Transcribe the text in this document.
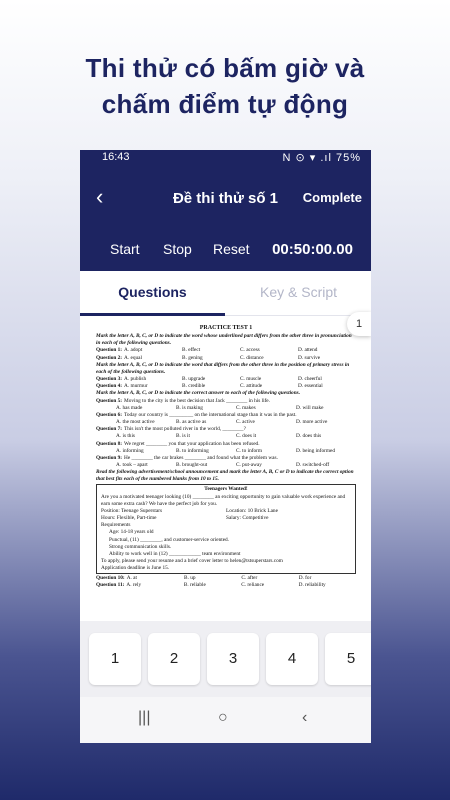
Thi thử có bấm giờ và
chấm điểm tự động
16:43	N ⊙ ▾ .ıl 75%
‹	Đề thi thử số 1	Complete
Start Stop Reset 00:50:00.00
Questions	Key & Script
1
PRACTICE TEST 1
Mark the letter A, B, C, or D to indicate the word whose underlined part differs from the other three in pronunciation in each of the following questions.
Question 1: A. adopt	B. effect	C. access	D. attend
Question 2: A. equal	B. gening	C. distance	D. survive
Mark the letter A, B, C, or D to indicate the word that differs from the other three in the position of primary stress in each of the following questions.
Question 3: A. publish	B. upgrade	C. muscle	D. cheerful
Question 4: A. murmur	B. credible	C. attitude	D. essential
Mark the letter A, B, C, or D to indicate the correct answer to each of the following questions.
Question 5: Moving to the city is the best decision that Jack ________ in his life.
A. has made	B. is making	C. makes	D. will make
Question 6: Today our country is _________ on the international stage than it was in the past.
A. the most active	B. as active as	C. active	D. more active
Question 7: This isn't the most polluted river in the world, ________?
A. is this	B. is it	C. does it	D. does this
Question 8: We regret ________ you that your application has been refused.
A. informing	B. to informing	C. to inform	D. being informed
Question 9: He ________ the car brakes ________ and found what the problem was.
A. took – apart	B. brought-out	C. put-away	D. switched-off
Read the following advertisement/school announcement and mark the letter A, B, C or D to indicate the correct option that best fits each of the numbered blanks from 10 to 15.
Teenagers Wanted!
Are you a motivated teenager looking (10) ________ an exciting opportunity to gain valuable work experience and earn some extra cash? We have the perfect job for you.
Position: Teenage Superstars	Location: 10 Brick Lane
Hours: Flexible, Part-time	Salary: Competitive
Requirements
Age: 14-18 years old
Punctual, (11) ________, and customer-service oriented.
Strong communication skills.
Ability to work well in (12) ____________ team environment
To apply, please send your resume and a brief cover letter to helen@tstsuperstars.com
Application deadline is June 15.
Question 10: A. at	B. up	C. after	D. for
Question 11: A. rely	B. reliable	C. reliance	D. reliability
1	2	3	4	5
|||	○	‹
